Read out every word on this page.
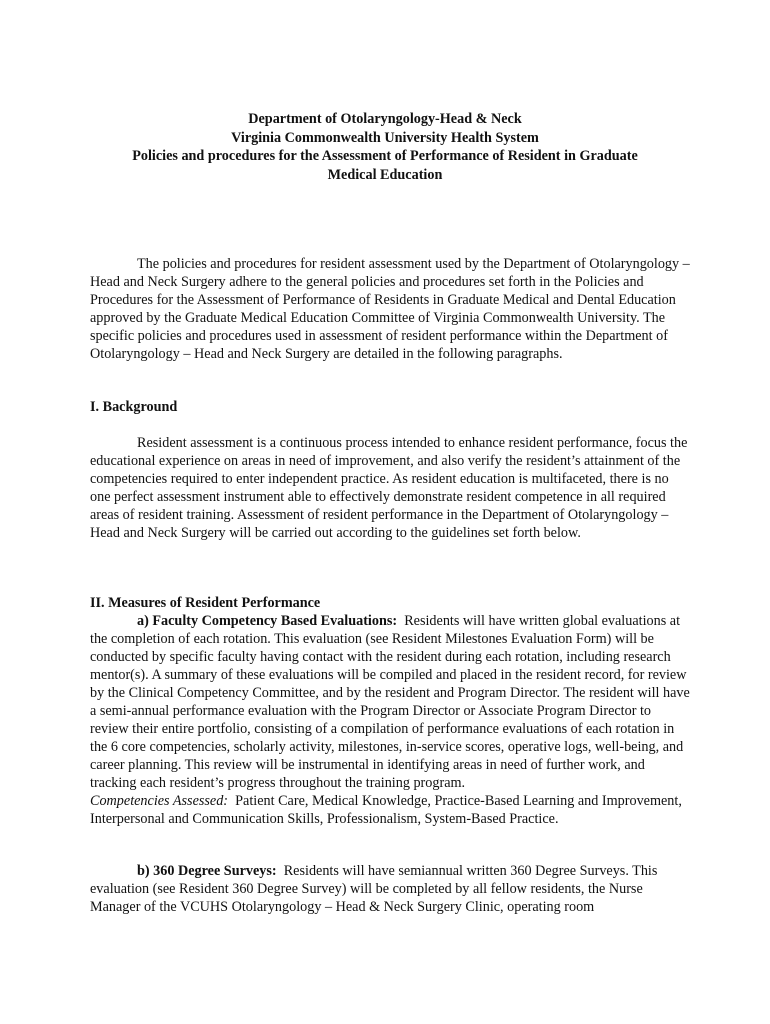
Department of Otolaryngology-Head & Neck
Virginia Commonwealth University Health System
Policies and procedures for the Assessment of Performance of Resident in Graduate
Medical Education

The policies and procedures for resident assessment used by the Department of Otolaryngology – Head and Neck Surgery adhere to the general policies and procedures set forth in the Policies and Procedures for the Assessment of Performance of Residents in Graduate Medical and Dental Education approved by the Graduate Medical Education Committee of Virginia Commonwealth University. The specific policies and procedures used in assessment of resident performance within the Department of Otolaryngology – Head and Neck Surgery are detailed in the following paragraphs.

I. Background

Resident assessment is a continuous process intended to enhance resident performance, focus the educational experience on areas in need of improvement, and also verify the resident’s attainment of the competencies required to enter independent practice. As resident education is multifaceted, there is no one perfect assessment instrument able to effectively demonstrate resident competence in all required areas of resident training. Assessment of resident performance in the Department of Otolaryngology – Head and Neck Surgery will be carried out according to the guidelines set forth below.

II. Measures of Resident Performance

a) Faculty Competency Based Evaluations: Residents will have written global evaluations at the completion of each rotation. This evaluation (see Resident Milestones Evaluation Form) will be conducted by specific faculty having contact with the resident during each rotation, including research mentor(s). A summary of these evaluations will be compiled and placed in the resident record, for review by the Clinical Competency Committee, and by the resident and Program Director. The resident will have a semi-annual performance evaluation with the Program Director or Associate Program Director to review their entire portfolio, consisting of a compilation of performance evaluations of each rotation in the 6 core competencies, scholarly activity, milestones, in-service scores, operative logs, well-being, and career planning. This review will be instrumental in identifying areas in need of further work, and tracking each resident’s progress throughout the training program.

Competencies Assessed: Patient Care, Medical Knowledge, Practice-Based Learning and Improvement, Interpersonal and Communication Skills, Professionalism, System-Based Practice.

b) 360 Degree Surveys: Residents will have semiannual written 360 Degree Surveys. This evaluation (see Resident 360 Degree Survey) will be completed by all fellow residents, the Nurse Manager of the VCUHS Otolaryngology – Head & Neck Surgery Clinic, operating room
